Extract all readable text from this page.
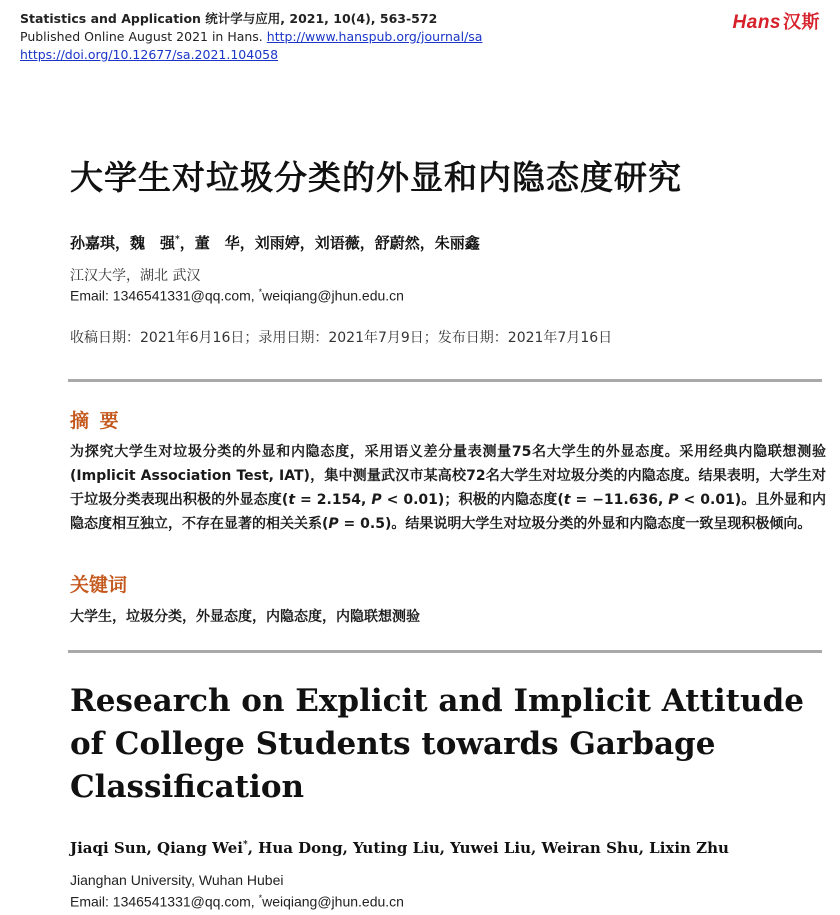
Statistics and Application 统计学与应用, 2021, 10(4), 563-572
Published Online August 2021 in Hans. http://www.hanspub.org/journal/sa
https://doi.org/10.12677/sa.2021.104058
Hans 汉斯
大学生对垃圾分类的外显和内隐态度研究
孙嘉琪，魏　强*，董　华，刘雨婷，刘语薇，舒蔚然，朱丽鑫
江汉大学，湖北 武汉
Email: 1346541331@qq.com, *weiqiang@jhun.edu.cn
收稿日期：2021年6月16日；录用日期：2021年7月9日；发布日期：2021年7月16日
摘 要
为探究大学生对垃圾分类的外显和内隐态度，采用语义差分量表测量75名大学生的外显态度。采用经典内隐联想测验(Implicit Association Test, IAT)，集中测量武汉市某高校72名大学生对垃圾分类的内隐态度。结果表明，大学生对于垃圾分类表现出积极的外显态度(t = 2.154, P < 0.01)；积极的内隐态度(t = −11.636, P < 0.01)。且外显和内隐态度相互独立，不存在显著的相关关系(P = 0.5)。结果说明大学生对垃圾分类的外显和内隐态度一致呈现积极倾向。
关键词
大学生，垃圾分类，外显态度，内隐态度，内隐联想测验
Research on Explicit and Implicit Attitude of College Students towards Garbage Classification
Jiaqi Sun, Qiang Wei*, Hua Dong, Yuting Liu, Yuwei Liu, Weiran Shu, Lixin Zhu
Jianghan University, Wuhan Hubei
Email: 1346541331@qq.com, *weiqiang@jhun.edu.cn
